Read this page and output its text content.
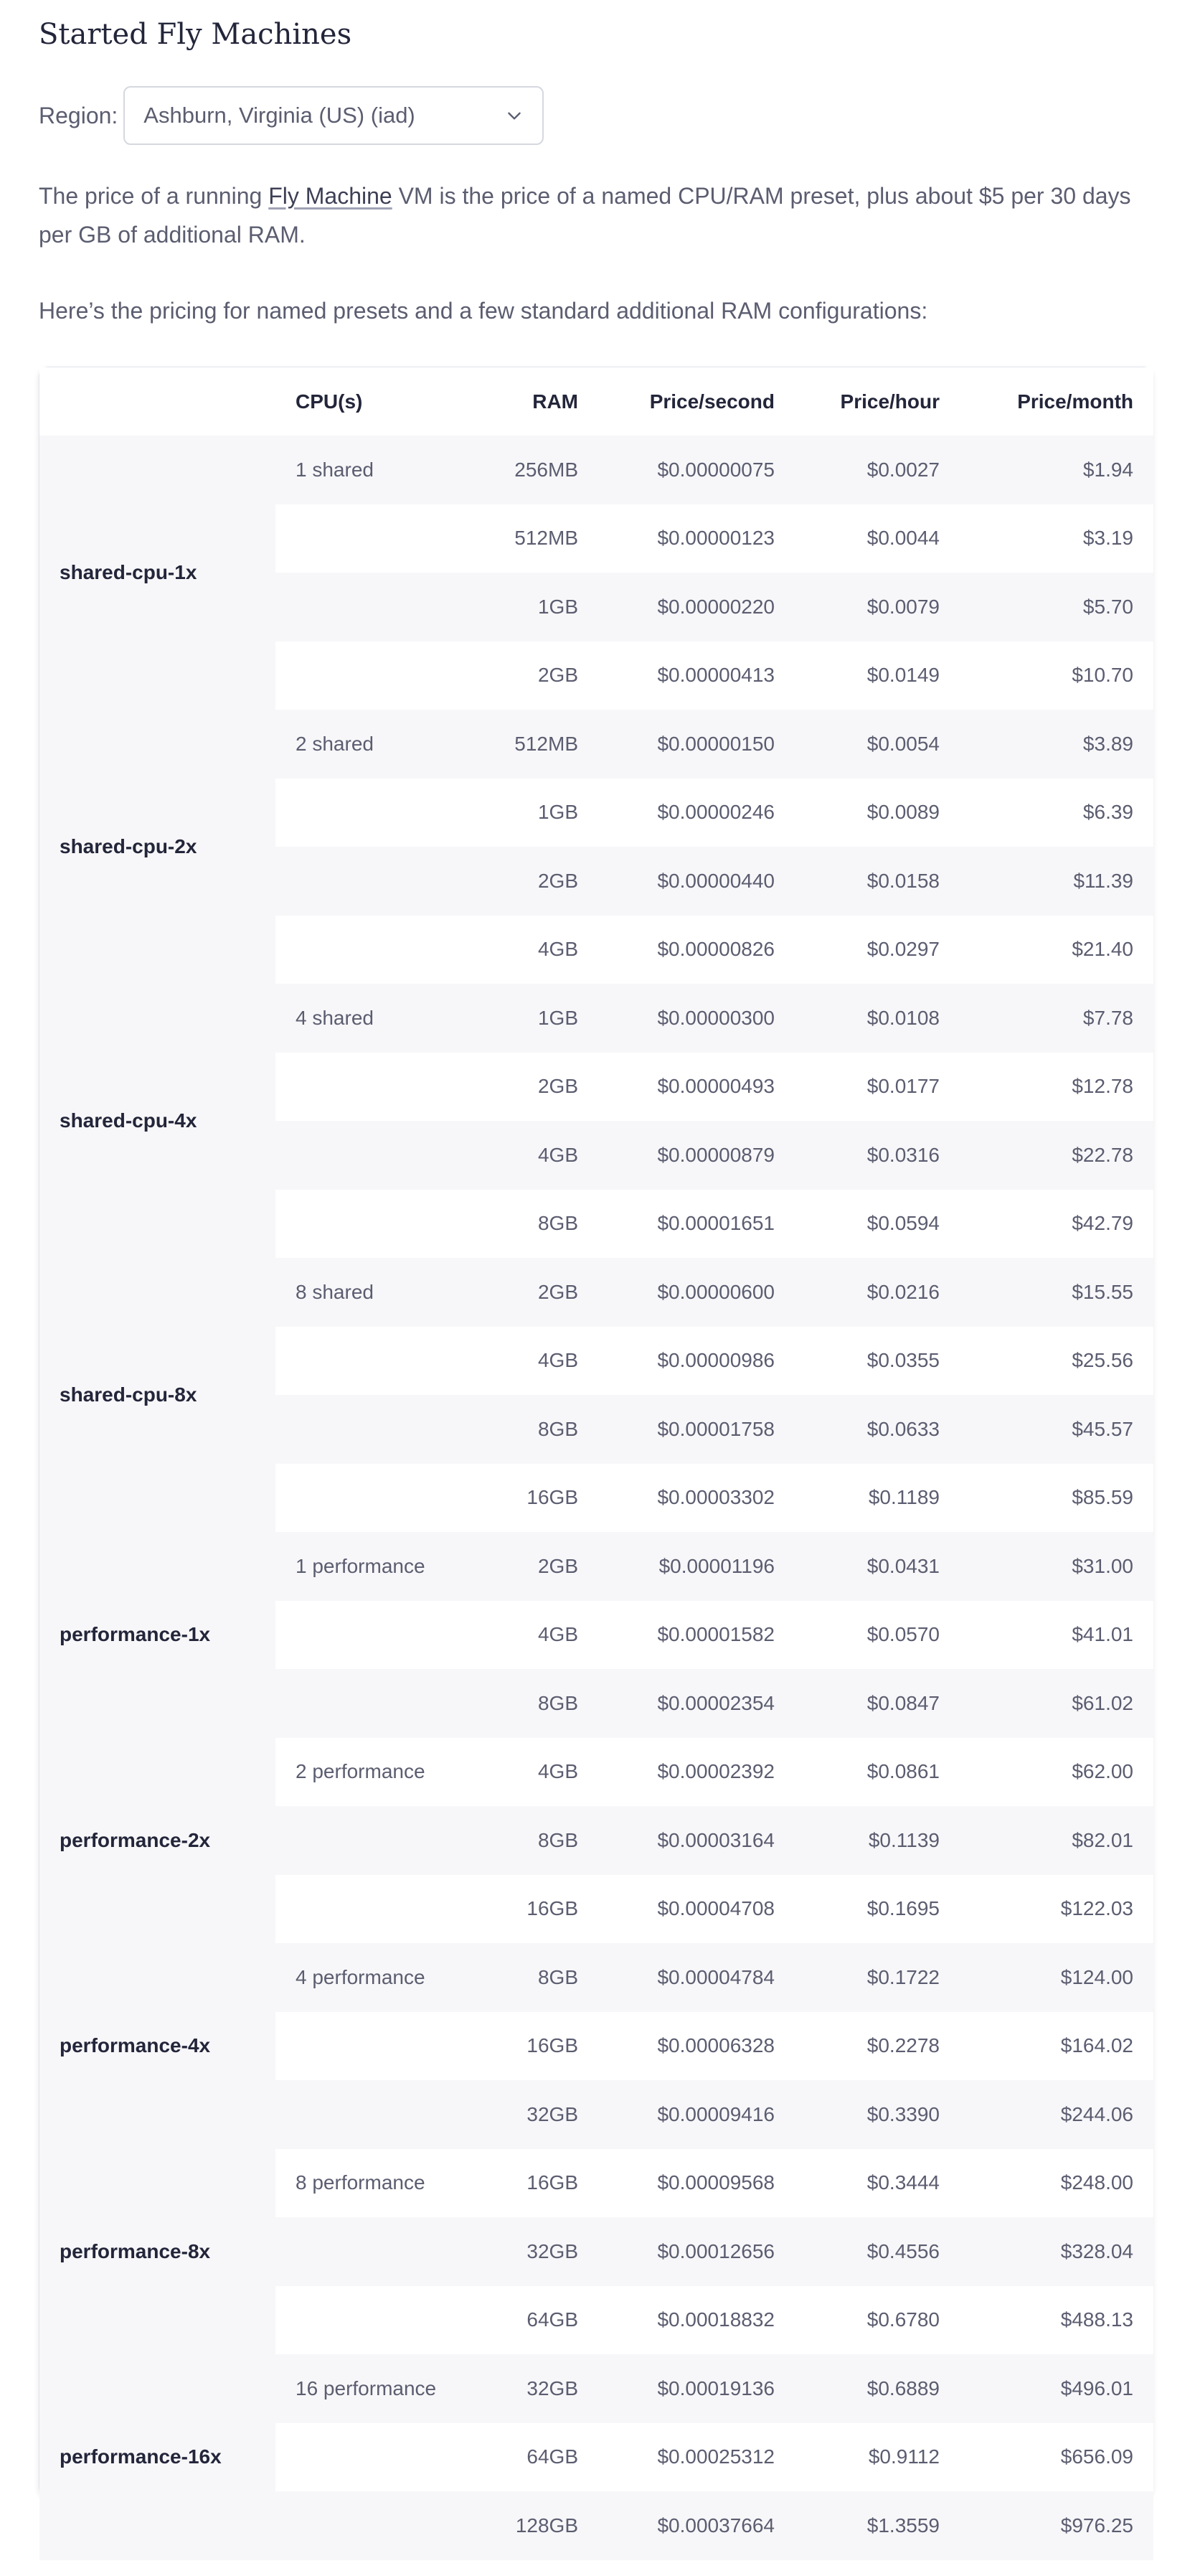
Started Fly Machines
Region: Ashburn, Virginia (US) (iad)

The price of a running Fly Machine VM is the price of a named CPU/RAM preset, plus about $5 per 30 days per GB of additional RAM.

Here’s the pricing for named presets and a few standard additional RAM configurations:

	CPU(s)	RAM	Price/second	Price/hour	Price/month
shared-cpu-1x	1 shared	256MB	$0.00000075	$0.0027	$1.94
		512MB	$0.00000123	$0.0044	$3.19
		1GB	$0.00000220	$0.0079	$5.70
		2GB	$0.00000413	$0.0149	$10.70
shared-cpu-2x	2 shared	512MB	$0.00000150	$0.0054	$3.89
		1GB	$0.00000246	$0.0089	$6.39
		2GB	$0.00000440	$0.0158	$11.39
		4GB	$0.00000826	$0.0297	$21.40
shared-cpu-4x	4 shared	1GB	$0.00000300	$0.0108	$7.78
		2GB	$0.00000493	$0.0177	$12.78
		4GB	$0.00000879	$0.0316	$22.78
		8GB	$0.00001651	$0.0594	$42.79
shared-cpu-8x	8 shared	2GB	$0.00000600	$0.0216	$15.55
		4GB	$0.00000986	$0.0355	$25.56
		8GB	$0.00001758	$0.0633	$45.57
		16GB	$0.00003302	$0.1189	$85.59
performance-1x	1 performance	2GB	$0.00001196	$0.0431	$31.00
		4GB	$0.00001582	$0.0570	$41.01
		8GB	$0.00002354	$0.0847	$61.02
performance-2x	2 performance	4GB	$0.00002392	$0.0861	$62.00
		8GB	$0.00003164	$0.1139	$82.01
		16GB	$0.00004708	$0.1695	$122.03
performance-4x	4 performance	8GB	$0.00004784	$0.1722	$124.00
		16GB	$0.00006328	$0.2278	$164.02
		32GB	$0.00009416	$0.3390	$244.06
performance-8x	8 performance	16GB	$0.00009568	$0.3444	$248.00
		32GB	$0.00012656	$0.4556	$328.04
		64GB	$0.00018832	$0.6780	$488.13
performance-16x	16 performance	32GB	$0.00019136	$0.6889	$496.01
		64GB	$0.00025312	$0.9112	$656.09
		128GB	$0.00037664	$1.3559	$976.25
